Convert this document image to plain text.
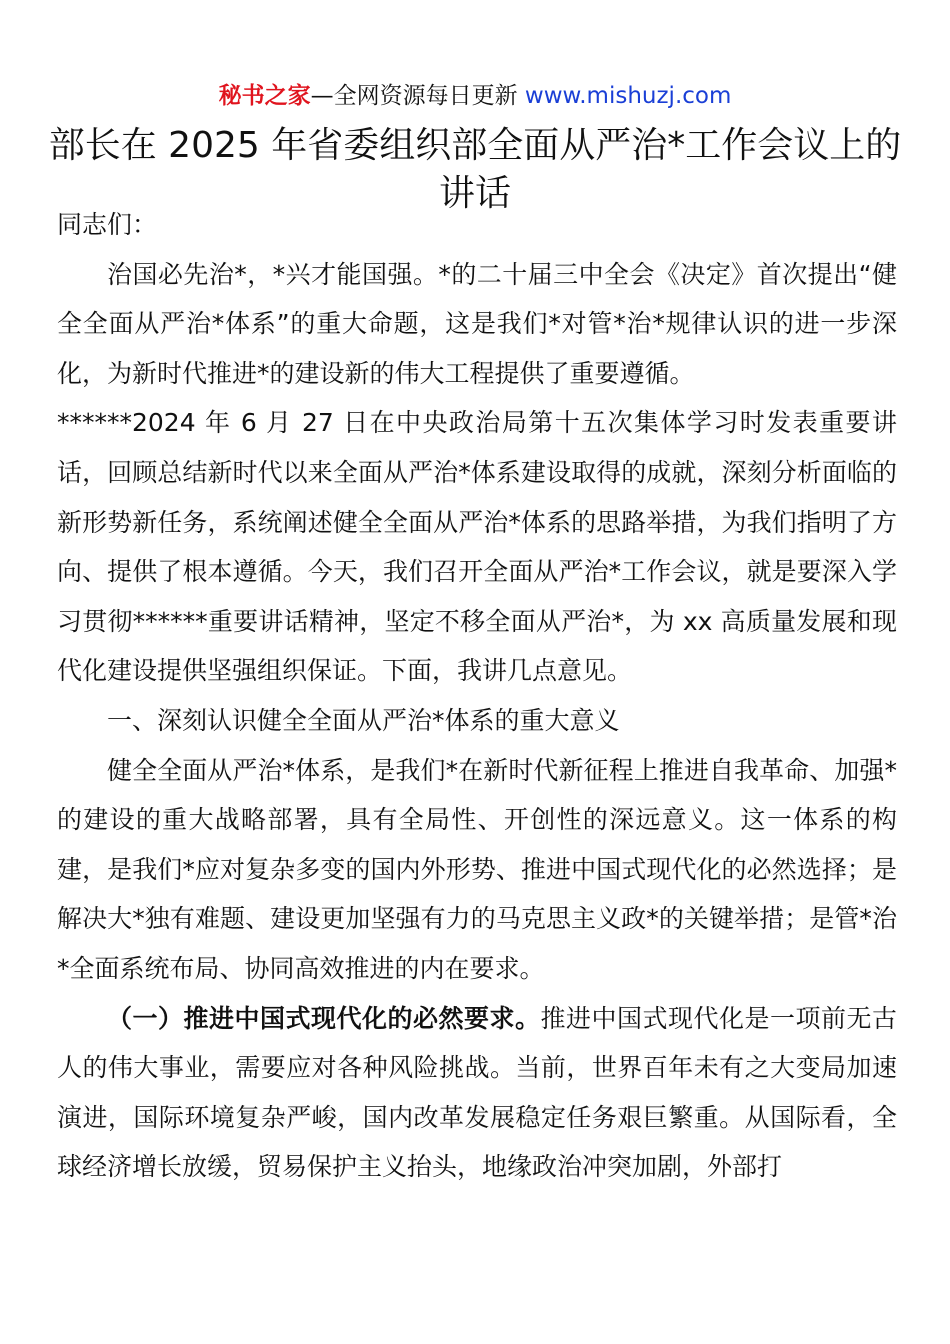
秘书之家—全网资源每日更新 www.mishuzj.com
部长在 2025 年省委组织部全面从严治*工作会议上的讲话

同志们：

治国必先治*，*兴才能国强。*的二十届三中全会《决定》首次提出“健全全面从严治*体系”的重大命题，这是我们*对管*治*规律认识的进一步深化，为新时代推进*的建设新的伟大工程提供了重要遵循。

******2024 年 6 月 27 日在中央政治局第十五次集体学习时发表重要讲话，回顾总结新时代以来全面从严治*体系建设取得的成就，深刻分析面临的新形势新任务，系统阐述健全全面从严治*体系的思路举措，为我们指明了方向、提供了根本遵循。今天，我们召开全面从严治*工作会议，就是要深入学习贯彻******重要讲话精神，坚定不移全面从严治*，为 xx 高质量发展和现代化建设提供坚强组织保证。下面，我讲几点意见。

一、深刻认识健全全面从严治*体系的重大意义

健全全面从严治*体系，是我们*在新时代新征程上推进自我革命、加强*的建设的重大战略部署，具有全局性、开创性的深远意义。这一体系的构建，是我们*应对复杂多变的国内外形势、推进中国式现代化的必然选择；是解决大*独有难题、建设更加坚强有力的马克思主义政*的关键举措；是管*治*全面系统布局、协同高效推进的内在要求。

（一）推进中国式现代化的必然要求。推进中国式现代化是一项前无古人的伟大事业，需要应对各种风险挑战。当前，世界百年未有之大变局加速演进，国际环境复杂严峻，国内改革发展稳定任务艰巨繁重。从国际看，全球经济增长放缓，贸易保护主义抬头，地缘政治冲突加剧，外部打
